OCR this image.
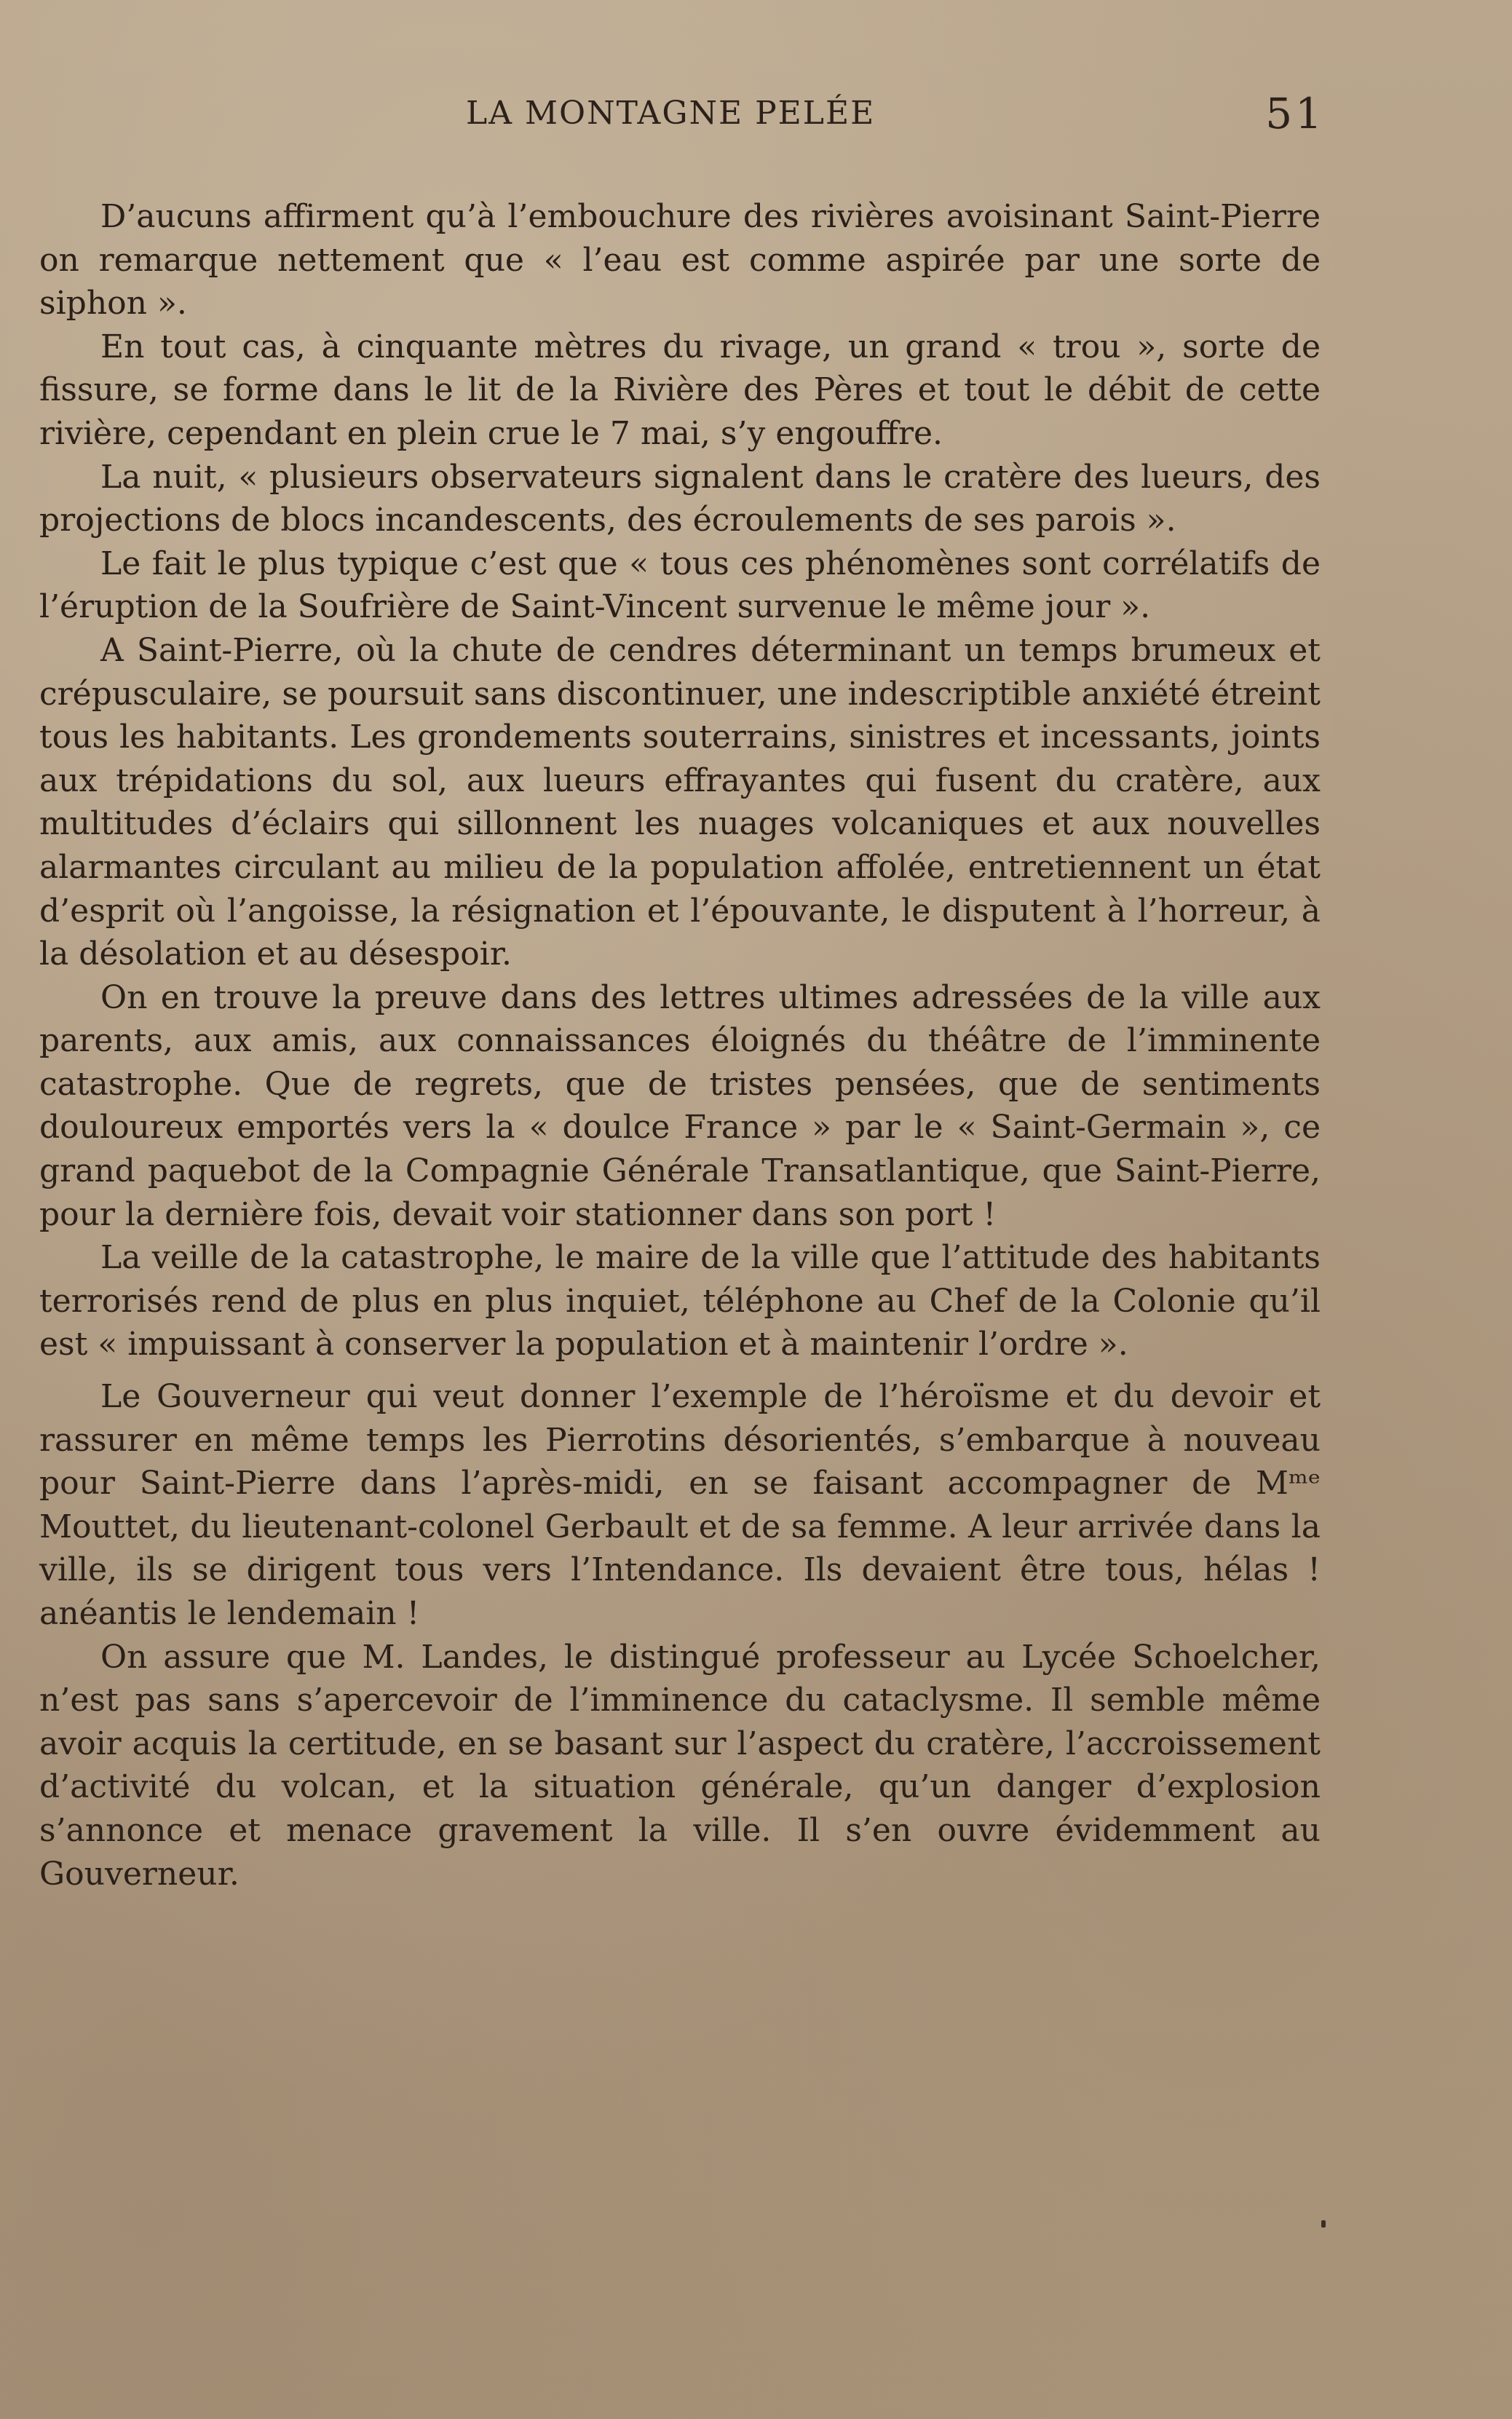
LA MONTAGNE PELÉE	51

D’aucuns affirment qu’à l’embouchure des rivières avoisinant Saint-Pierre on remarque nettement que « l’eau est comme aspirée par une sorte de siphon ».

En tout cas, à cinquante mètres du rivage, un grand « trou », sorte de fissure, se forme dans le lit de la Rivière des Pères et tout le débit de cette rivière, cependant en plein crue le 7 mai, s’y engouffre.

La nuit, « plusieurs observateurs signalent dans le cratère des lueurs, des projections de blocs incandescents, des écroulements de ses parois ».

Le fait le plus typique c’est que « tous ces phénomènes sont corrélatifs de l’éruption de la Soufrière de Saint-Vincent survenue le même jour ».

A Saint-Pierre, où la chute de cendres déterminant un temps brumeux et crépusculaire, se poursuit sans discontinuer, une indescriptible anxiété étreint tous les habitants. Les grondements souterrains, sinistres et incessants, joints aux trépidations du sol, aux lueurs effrayantes qui fusent du cratère, aux multitudes d’éclairs qui sillonnent les nuages volcaniques et aux nouvelles alarmantes circulant au milieu de la population affolée, entretiennent un état d’esprit où l’angoisse, la résignation et l’épouvante, le disputent à l’horreur, à la désolation et au désespoir.

On en trouve la preuve dans des lettres ultimes adressées de la ville aux parents, aux amis, aux connaissances éloignés du théâtre de l’imminente catastrophe. Que de regrets, que de tristes pensées, que de sentiments douloureux emportés vers la « doulce France » par le « Saint-Germain », ce grand paquebot de la Compagnie Générale Transatlantique, que Saint-Pierre, pour la dernière fois, devait voir stationner dans son port !

La veille de la catastrophe, le maire de la ville que l’attitude des habitants terrorisés rend de plus en plus inquiet, téléphone au Chef de la Colonie qu’il est « impuissant à conserver la population et à maintenir l’ordre ».

Le Gouverneur qui veut donner l’exemple de l’héroïsme et du devoir et rassurer en même temps les Pierrotins désorientés, s’embarque à nouveau pour Saint-Pierre dans l’après-midi, en se faisant accompagner de Mᵐᵉ Mouttet, du lieutenant-colonel Gerbault et de sa femme. A leur arrivée dans la ville, ils se dirigent tous vers l’Intendance. Ils devaient être tous, hélas ! anéantis le lendemain !

On assure que M. Landes, le distingué professeur au Lycée Schoelcher, n’est pas sans s’apercevoir de l’imminence du cataclysme. Il semble même avoir acquis la certitude, en se basant sur l’aspect du cratère, l’accroissement d’activité du volcan, et la situation générale, qu’un danger d’explosion s’annonce et menace gravement la ville. Il s’en ouvre évidemment au Gouverneur.
